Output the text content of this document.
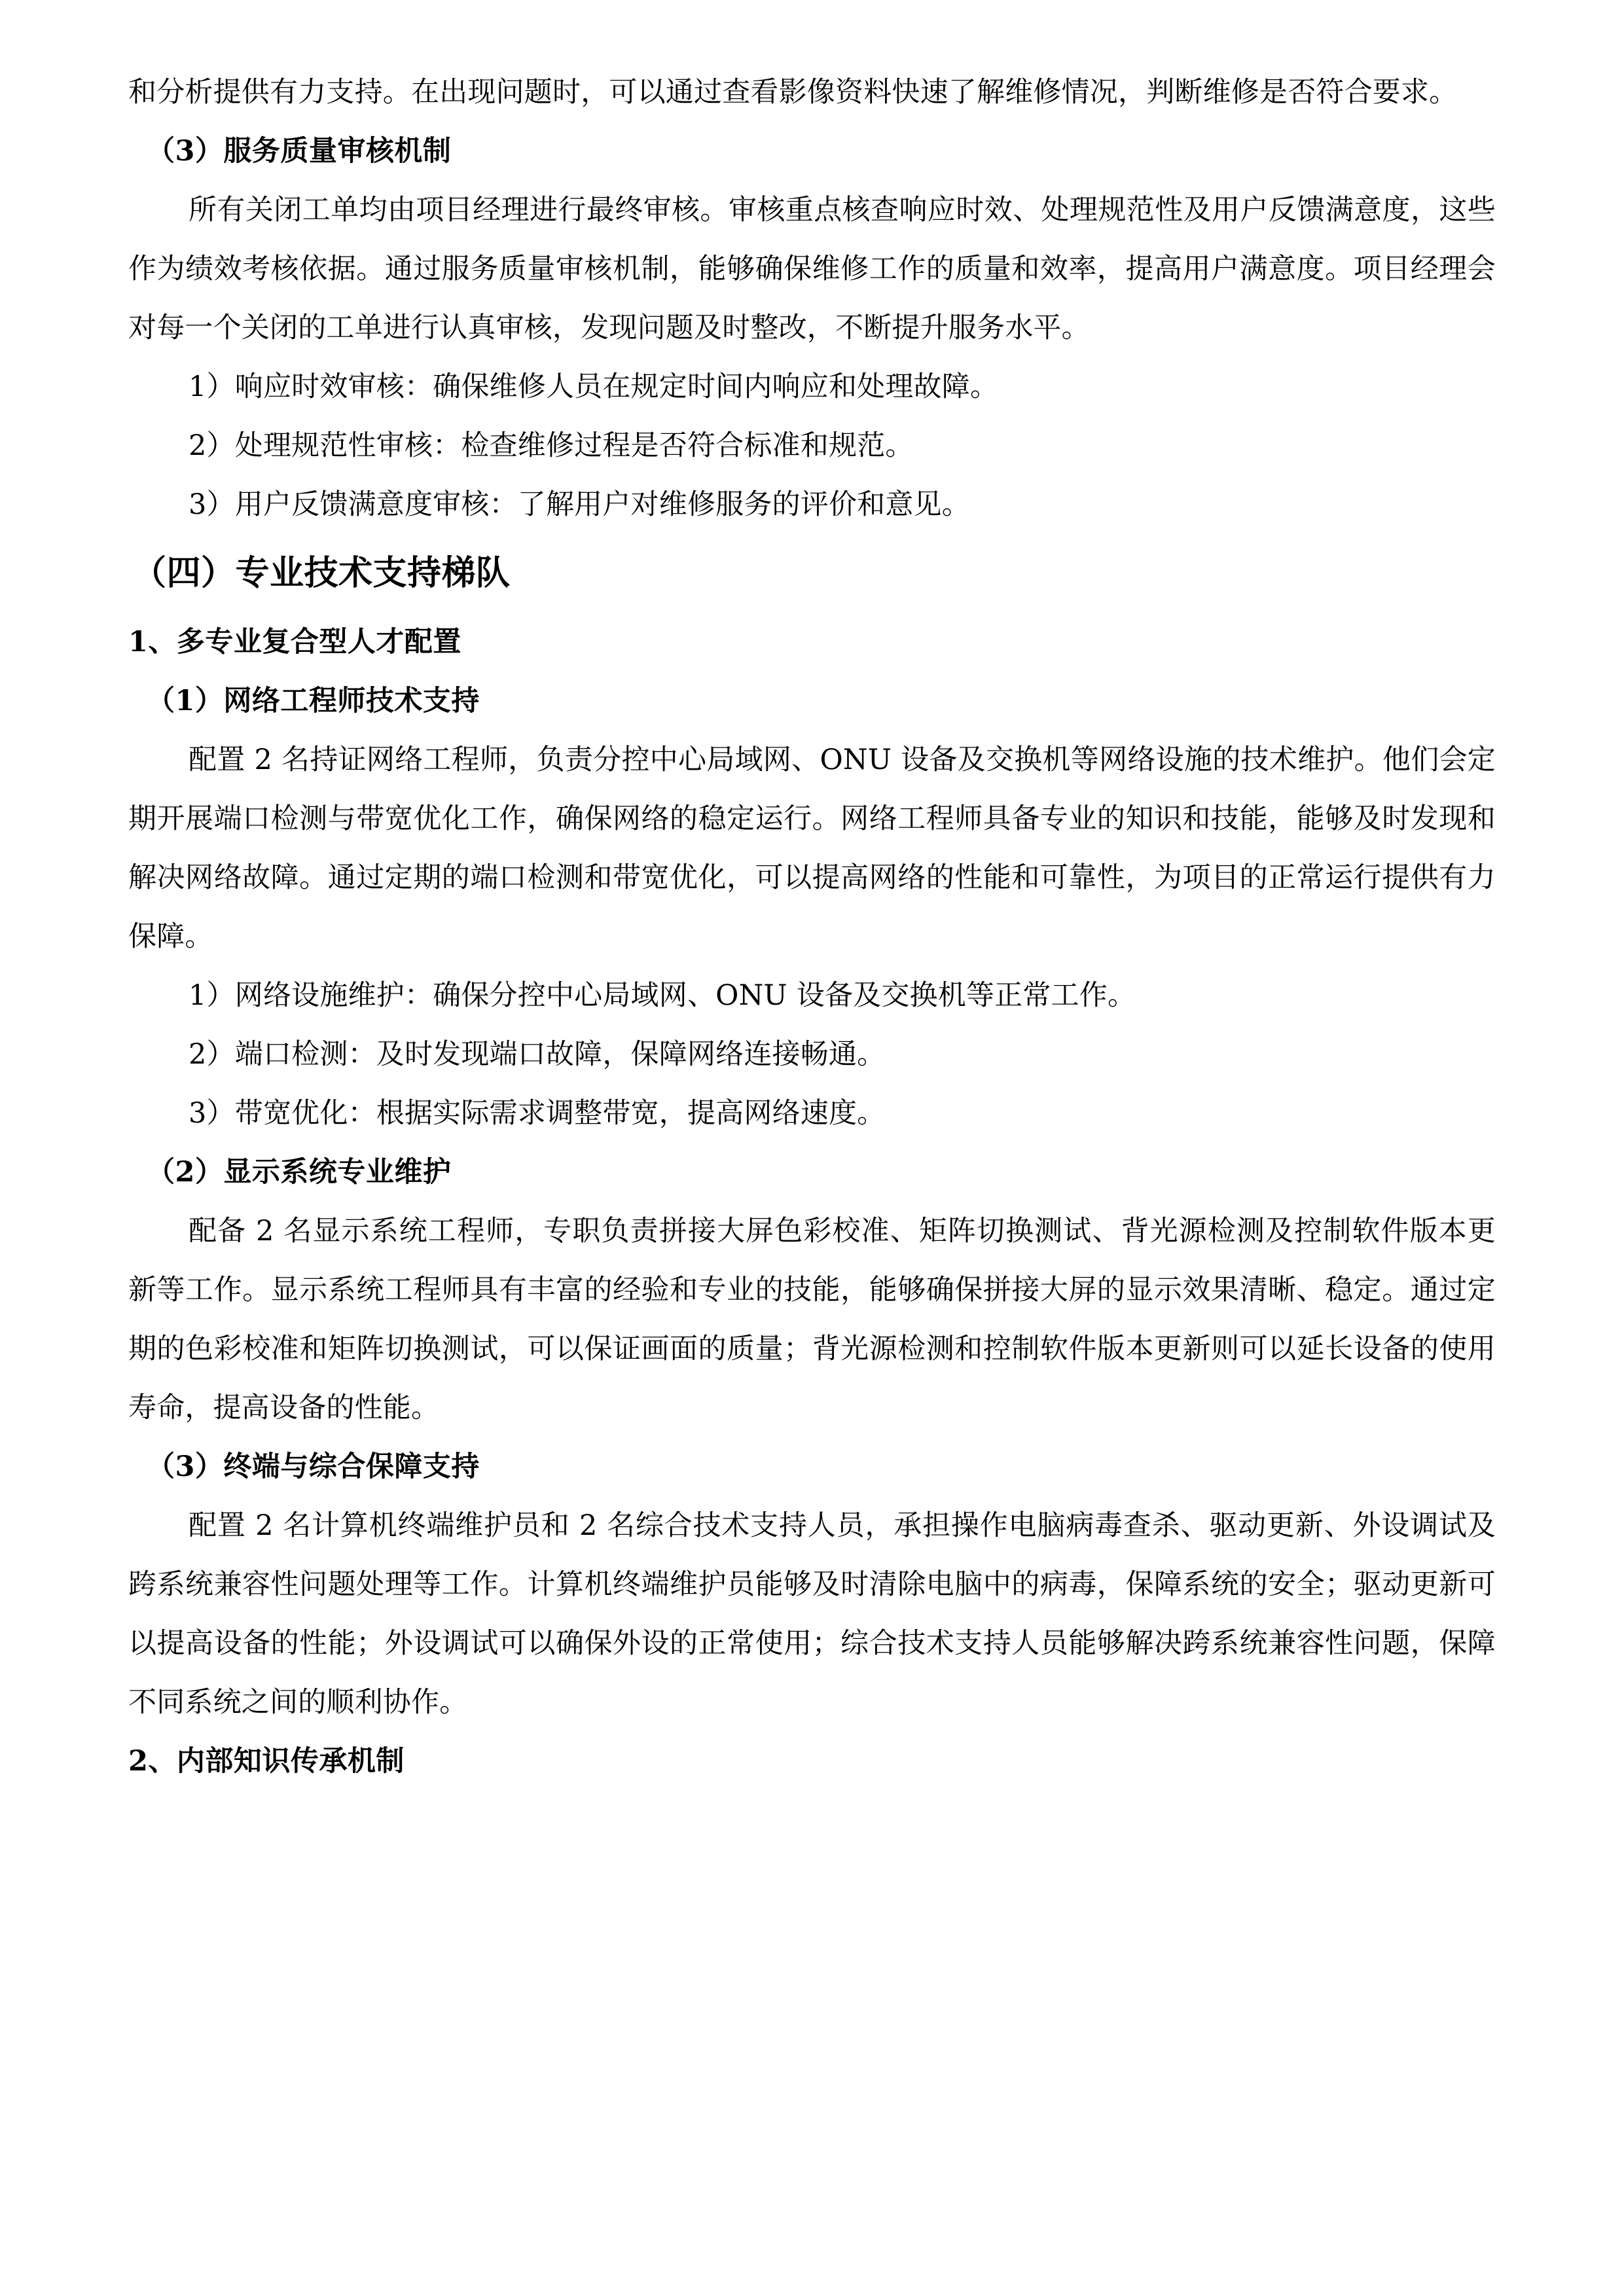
和分析提供有力支持。在出现问题时，可以通过查看影像资料快速了解维修情况，判断维修是否符合要求。

（3）服务质量审核机制

所有关闭工单均由项目经理进行最终审核。审核重点核查响应时效、处理规范性及用户反馈满意度，这些作为绩效考核依据。通过服务质量审核机制，能够确保维修工作的质量和效率，提高用户满意度。项目经理会对每一个关闭的工单进行认真审核，发现问题及时整改，不断提升服务水平。

1）响应时效审核：确保维修人员在规定时间内响应和处理故障。

2）处理规范性审核：检查维修过程是否符合标准和规范。

3）用户反馈满意度审核：了解用户对维修服务的评价和意见。

（四）专业技术支持梯队
1、多专业复合型人才配置
（1）网络工程师技术支持

配置 2 名持证网络工程师，负责分控中心局域网、ONU 设备及交换机等网络设施的技术维护。他们会定期开展端口检测与带宽优化工作，确保网络的稳定运行。网络工程师具备专业的知识和技能，能够及时发现和解决网络故障。通过定期的端口检测和带宽优化，可以提高网络的性能和可靠性，为项目的正常运行提供有力保障。

1）网络设施维护：确保分控中心局域网、ONU 设备及交换机等正常工作。

2）端口检测：及时发现端口故障，保障网络连接畅通。

3）带宽优化：根据实际需求调整带宽，提高网络速度。

（2）显示系统专业维护

配备 2 名显示系统工程师，专职负责拼接大屏色彩校准、矩阵切换测试、背光源检测及控制软件版本更新等工作。显示系统工程师具有丰富的经验和专业的技能，能够确保拼接大屏的显示效果清晰、稳定。通过定期的色彩校准和矩阵切换测试，可以保证画面的质量；背光源检测和控制软件版本更新则可以延长设备的使用寿命，提高设备的性能。

（3）终端与综合保障支持

配置 2 名计算机终端维护员和 2 名综合技术支持人员，承担操作电脑病毒查杀、驱动更新、外设调试及跨系统兼容性问题处理等工作。计算机终端维护员能够及时清除电脑中的病毒，保障系统的安全；驱动更新可以提高设备的性能；外设调试可以确保外设的正常使用；综合技术支持人员能够解决跨系统兼容性问题，保障不同系统之间的顺利协作。

2、内部知识传承机制
